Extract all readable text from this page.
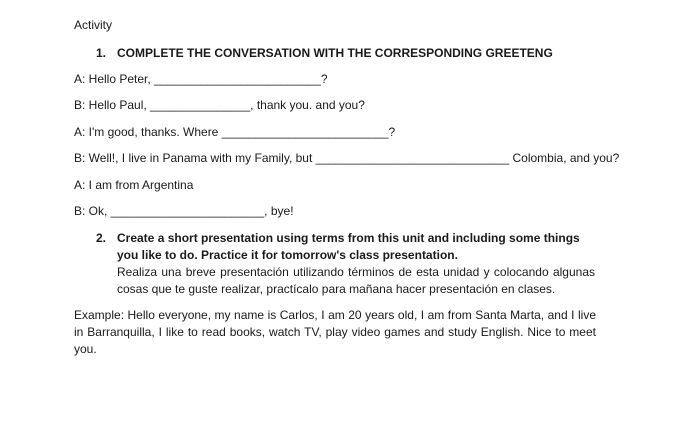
Activity
1. COMPLETE THE CONVERSATION WITH THE CORRESPONDING GREETENG
A: Hello Peter, _________________________?
B: Hello Paul, _______________, thank you. and you?
A: I'm good, thanks. Where _________________________?
B: Well!, I live in Panama with my Family, but _____________________________ Colombia, and you?
A: I am from Argentina
B: Ok, _______________________, bye!
2. Create a short presentation using terms from this unit and including some things you like to do. Practice it for tomorrow's class presentation.
Realiza una breve presentación utilizando términos de esta unidad y colocando algunas cosas que te guste realizar, practícalo para mañana hacer presentación en clases.
Example: Hello everyone, my name is Carlos, I am 20 years old, I am from Santa Marta, and I live in Barranquilla, I like to read books, watch TV, play video games and study English. Nice to meet you.
